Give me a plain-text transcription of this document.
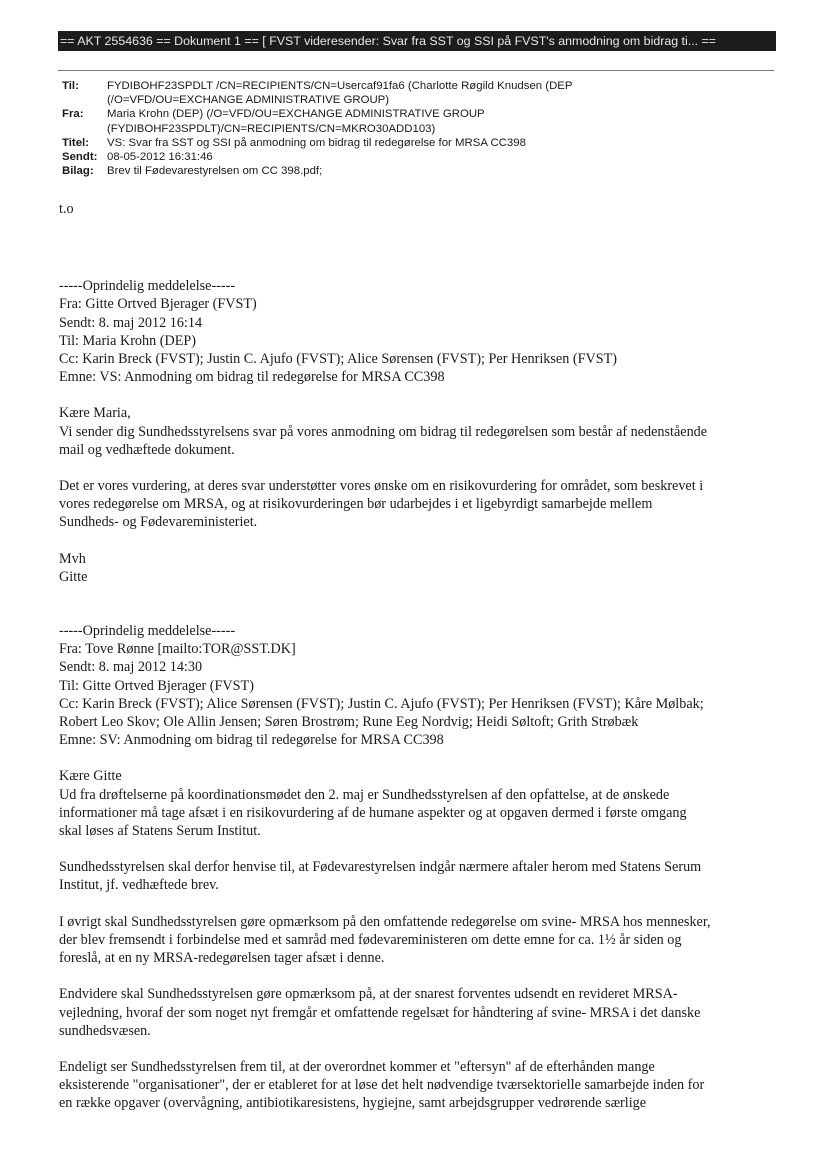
== AKT 2554636 == Dokument 1 == [ FVST videresender: Svar fra SST og SSI på FVST's anmodning om bidrag ti... ==
Til:	FYDIBOHF23SPDLT /CN=RECIPIENTS/CN=Usercaf91fa6 (Charlotte Røgild Knudsen (DEP
(/O=VFD/OU=EXCHANGE ADMINISTRATIVE GROUP)
Fra:	Maria Krohn (DEP) (/O=VFD/OU=EXCHANGE ADMINISTRATIVE GROUP
(FYDIBOHF23SPDLT)/CN=RECIPIENTS/CN=MKRO30ADD103)
Titel:	VS: Svar fra SST og SSI på anmodning om bidrag til redegørelse for MRSA CC398
Sendt: 08-05-2012 16:31:46
Bilag:	Brev til Fødevarestyrelsen om CC 398.pdf;
t.o
-----Oprindelig meddelelse-----
Fra: Gitte Ortved Bjerager (FVST)
Sendt: 8. maj 2012 16:14
Til: Maria Krohn (DEP)
Cc: Karin Breck (FVST); Justin C. Ajufo (FVST); Alice Sørensen (FVST); Per Henriksen (FVST)
Emne: VS: Anmodning om bidrag til redegørelse for MRSA CC398
Kære Maria,
Vi sender dig Sundhedsstyrelsens svar på vores anmodning om bidrag til redegørelsen som består af nedenstående
mail og vedhæftede dokument.
Det er vores vurdering, at deres svar understøtter vores ønske om en risikovurdering for området, som beskrevet i
vores redegørelse om MRSA, og at risikovurderingen bør udarbejdes i et ligebyrdigt samarbejde mellem
Sundheds- og Fødevareministeriet.
Mvh
Gitte
-----Oprindelig meddelelse-----
Fra: Tove Rønne [mailto:TOR@SST.DK]
Sendt: 8. maj 2012 14:30
Til: Gitte Ortved Bjerager (FVST)
Cc: Karin Breck (FVST); Alice Sørensen (FVST); Justin C. Ajufo (FVST); Per Henriksen (FVST); Kåre Mølbak;
Robert Leo Skov; Ole Allin Jensen; Søren Brostrøm; Rune Eeg Nordvig; Heidi Søltoft; Grith Strøbæk
Emne: SV: Anmodning om bidrag til redegørelse for MRSA CC398
Kære Gitte
Ud fra drøftelserne på koordinationsmødet den 2. maj er Sundhedsstyrelsen af den opfattelse, at de ønskede
informationer må tage afsæt i en risikovurdering af de humane aspekter og at opgaven dermed i første omgang
skal løses af Statens Serum Institut.
Sundhedsstyrelsen skal derfor henvise til, at Fødevarestyrelsen indgår nærmere aftaler herom med Statens Serum
Institut, jf. vedhæftede brev.
I øvrigt skal Sundhedsstyrelsen gøre opmærksom på den omfattende redegørelse om svine- MRSA hos mennesker,
der blev fremsendt i forbindelse med et samråd med fødevareministeren om dette emne for ca. 1½ år siden og
foreslå, at en ny MRSA-redegørelsen tager afsæt i denne.
Endvidere skal Sundhedsstyrelsen gøre opmærksom på, at der snarest forventes udsendt en revideret MRSA-
vejledning, hvoraf der som noget nyt fremgår et omfattende regelsæt for håndtering af svine- MRSA i det danske
sundhedsvæsen.
Endeligt ser Sundhedsstyrelsen frem til, at der overordnet kommer et "eftersyn" af de efterhånden mange
eksisterende "organisationer", der er etableret for at løse det helt nødvendige tværsektorielle samarbejde inden for
en række opgaver (overvågning, antibiotikaresistens, hygiejne, samt arbejdsgrupper vedrørende særlige
